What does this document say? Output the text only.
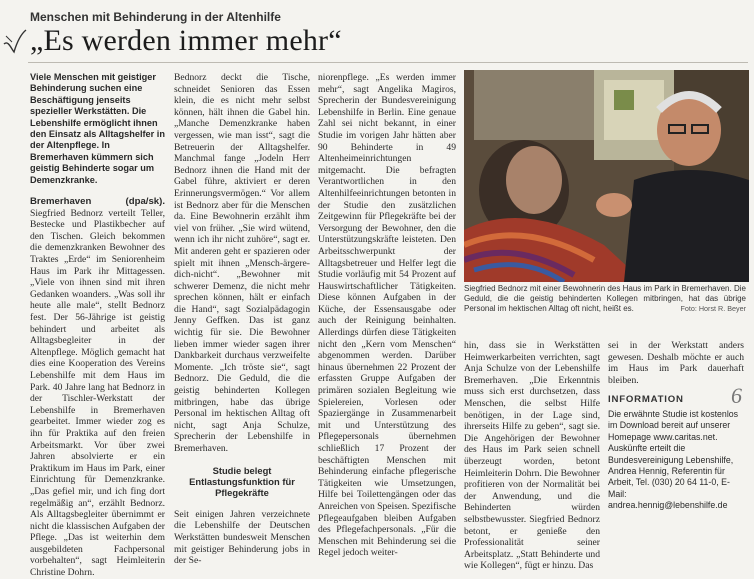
Menschen mit Behinderung in der Altenhilfe
„Es werden immer mehr“

Viele Menschen mit geistiger Behinderung suchen eine Beschäftigung jenseits spezieller Werkstätten. Die Lebenshilfe ermöglicht ihnen den Einsatz als Alltagshelfer in der Altenpflege. In Bremerhaven kümmern sich geistig Behinderte sogar um Demenzkranke.

Bremerhaven (dpa/sk). Siegfried Bednorz verteilt Teller, Bestecke und Plastikbecher auf den Tischen. Gleich bekommen die demenzkranken Bewohner des Traktes „Erde“ im Seniorenheim Haus im Park ihr Mittagessen. „Viele von ihnen sind mit ihren Gedanken woanders. „Was soll ihr heute alle male“, stellt Bednorz fest. Der 56-Jährige ist geistig behindert und arbeitet als Alltagsbegleiter in der Altenpflege. Möglich gemacht hat dies eine Kooperation des Vereins Lebenshilfe mit dem Haus im Park. 40 Jahre lang hat Bednorz in der Tischler-Werkstatt der Lebenshilfe in Bremerhaven gearbeitet. Immer wieder zog es ihn für Praktika auf den freien Arbeitsmarkt. Vor über zwei Jahren absolvierte er ein Praktikum im Haus im Park, einer Einrichtung für Demenzkranke. „Das gefiel mir, und ich fing dort regelmäßig an“, erzählt Bednorz. Als Alltagsbegleiter übernimmt er nicht die klassischen Aufgaben der Pflege. „Das ist weiterhin dem ausgebildeten Fachpersonal vorbehalten“, sagt Heimleiterin Christine Dohrn.

Bednorz deckt die Tische, schneidet Senioren das Essen klein, die es nicht mehr selbst können, hält ihnen die Gabel hin. „Manche Demenzkranke haben vergessen, wie man isst“, sagt die Betreuerin der Alltagshelfer. Manchmal fange „Jodeln Herr Bednorz ihnen die Hand mit der Gabel führe, aktiviert er deren Erinnerungsvermögen.“ Vor allem ist Bednorz aber für die Menschen da. Eine Bewohnerin erzählt ihm viel von früher. „Sie wird wütend, wenn ich ihr nicht zuhöre“, sagt er. Mit anderen geht er spazieren oder spielt mit ihnen „Mensch-ärgere-dich-nicht“. „Bewohner mit schwerer Demenz, die nicht mehr sprechen können, hält er einfach die Hand“, sagt Sozialpädagogin Jenny Geffken. Das ist ganz wichtig für sie. Die Bewohner lieben immer wieder sagen ihrer Dankbarkeit durchaus verzweifelte Momente. „Ich tröste sie“, sagt Bednorz. Die Geduld, die die geistig behinderten Kollegen mitbringen, habe das übrige Personal im hektischen Alltag oft nicht, sagt Anja Schulze, Sprecherin der Lebenshilfe in Bremerhaven.

Studie belegt Entlastungsfunktion für Pflegekräfte

Seit einigen Jahren verzeichnete die Lebenshilfe der Deutschen Werkstätten bundesweit Menschen mit geistiger Behinderung jobs in der Se-

niorenpflege. „Es werden immer mehr“, sagt Angelika Magiros, Sprecherin der Bundesvereinigung Lebenshilfe in Berlin. Eine genaue Zahl sei nicht bekannt, in einer Studie im vorigen Jahr hätten aber 90 Behinderte in 49 Altenheimeinrichtungen mitgemacht. Die befragten Verantwortlichen in den Altenhilfeeinrichtungen betonten in der Studie den zusätzlichen Zeitgewinn für Pflegekräfte bei der Versorgung der Bewohner, den die Unterstützungskräfte leisteten. Den Arbeitsschwerpunkt der Alltagsbetreuer und Helfer legt die Studie vorläufig mit 54 Prozent auf Hauswirtschaftlicher Tätigkeiten. Diese können Aufgaben in der Küche, der Essensausgabe oder auch der Reinigung beinhalten. Allerdings dürfen diese Tätigkeiten nicht den „Kern vom Menschen“ abgenommen werden. Darüber hinaus übernehmen 22 Prozent der erfassten Gruppe Aufgaben der primären sozialen Begleitung wie Spielereien, Vorlesen oder Spaziergänge in Zusammenarbeit mit und Unterstützung des Pflegepersonals übernehmen schließlich 17 Prozent der beschäftigten Menschen mit Behinderung einfache pflegerische Tätigkeiten wie Umsetzungen, Hilfe bei Toilettengängen oder das Anreichen von Speisen. Spezifische Pflegeaufgaben bleiben Aufgaben des Pflegefachpersonals. „Für die Menschen mit Behinderung sei die Regel jedoch weiter-

Siegfried Bednorz mit einer Bewohnerin des Haus im Park in Bremerhaven. Die Geduld, die die geistig behinderten Kollegen mitbringen, hat das übrige Personal im hektischen Alltag oft nicht, heißt es.	Foto: Horst R. Beyer

hin, dass sie in Werkstätten Heimwerkarbeiten verrichten, sagt Anja Schulze von der Lebenshilfe Bremerhaven. „Die Erkenntnis muss sich erst durchsetzen, dass Menschen, die selbst Hilfe benötigen, in der Lage sind, ihrerseits Hilfe zu geben“, sagt sie. Die Angehörigen der Bewohner des Haus im Park seien schnell überzeugt worden, betont Heimleiterin Dohrn. Die Bewohner profitieren von der Normalität bei der Anwendung, und die Behinderten würden selbstbewusster. Siegfried Bednorz betont, er genieße den Professionalität seiner Arbeitsplatz. „Statt Behinderte und wie Kollegen“, fügt er hinzu. Das

sei in der Werkstatt anders gewesen. Deshalb möchte er auch im Haus im Park dauerhaft bleiben.

INFORMATION	6
Die erwähnte Studie ist kostenlos im Download bereit auf unserer Homepage www.caritas.net. Auskünfte erteilt die Bundesvereinigung Lebenshilfe, Andrea Hennig, Referentin für Arbeit, Tel. (030) 20 64 11-0, E-Mail: andrea.hennig@lebenshilfe.de
